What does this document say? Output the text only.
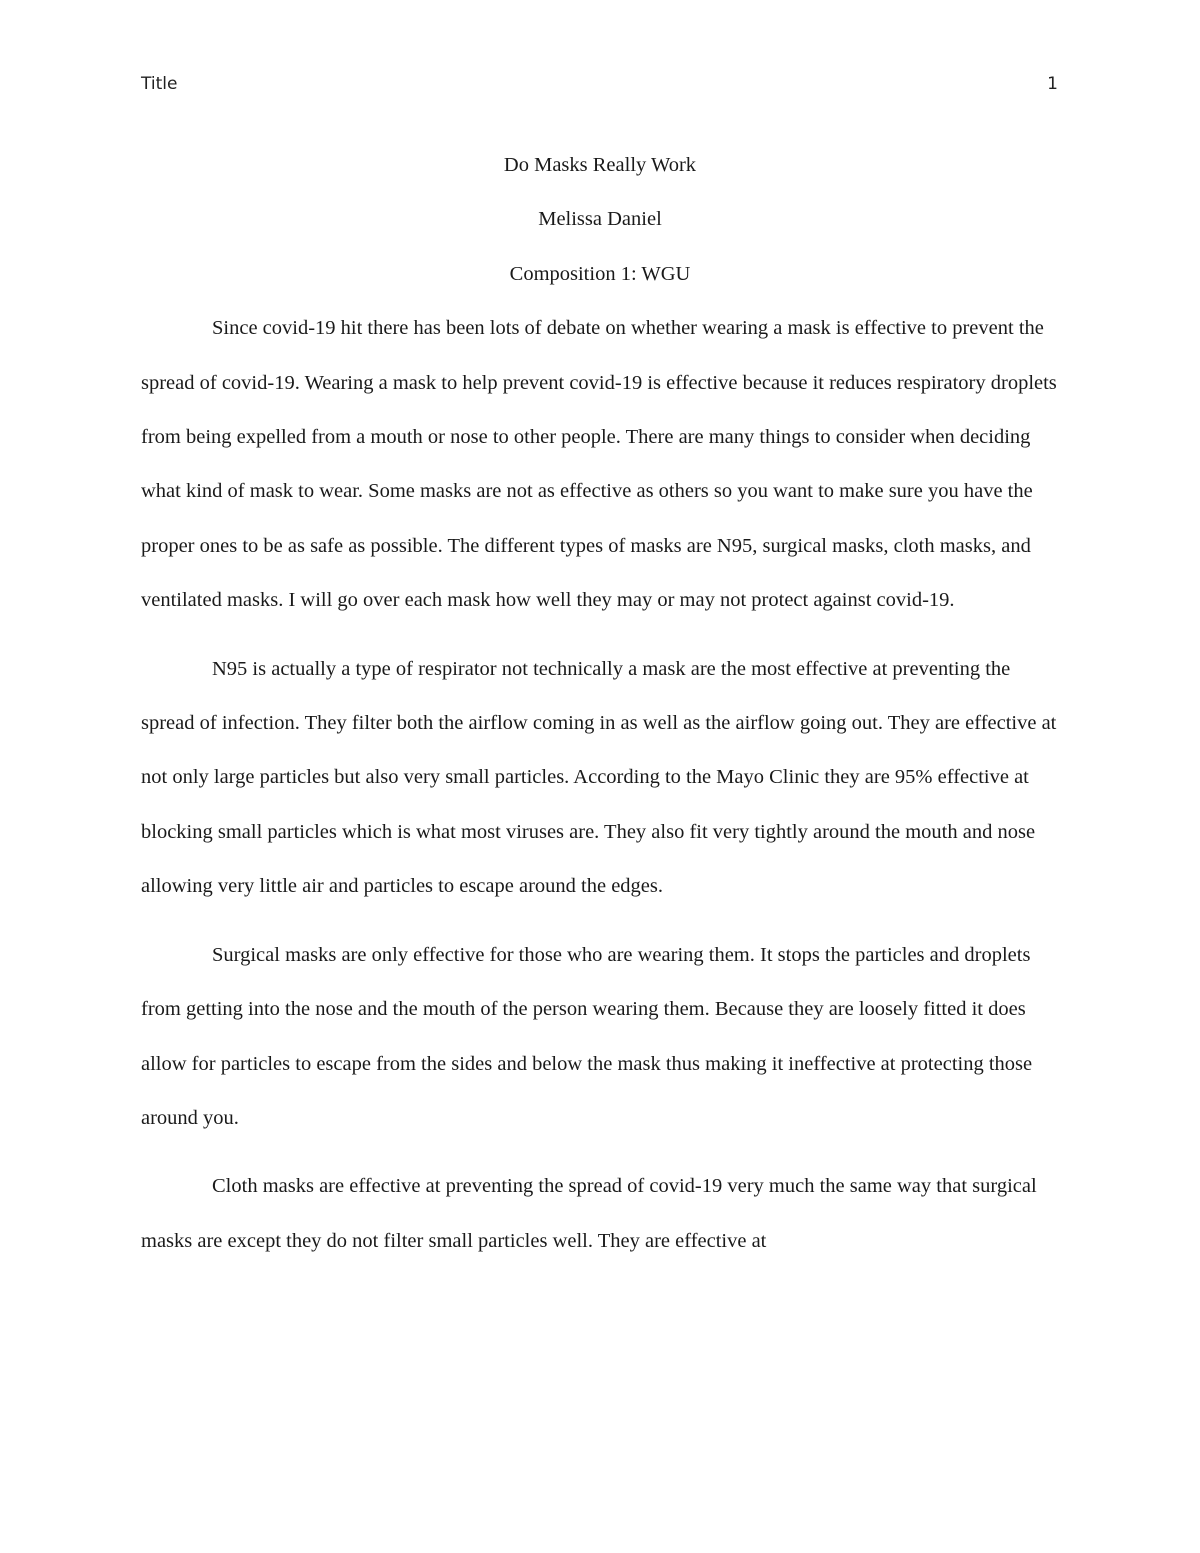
Title	1

Do Masks Really Work

Melissa Daniel

Composition 1: WGU

Since covid-19 hit there has been lots of debate on whether wearing a mask is effective to prevent the spread of covid-19. Wearing a mask to help prevent covid-19 is effective because it reduces respiratory droplets from being expelled from a mouth or nose to other people. There are many things to consider when deciding what kind of mask to wear. Some masks are not as effective as others so you want to make sure you have the proper ones to be as safe as possible. The different types of masks are N95, surgical masks, cloth masks, and ventilated masks. I will go over each mask how well they may or may not protect against covid-19.

N95 is actually a type of respirator not technically a mask are the most effective at preventing the spread of infection. They filter both the airflow coming in as well as the airflow going out. They are effective at not only large particles but also very small particles. According to the Mayo Clinic they are 95% effective at blocking small particles which is what most viruses are. They also fit very tightly around the mouth and nose allowing very little air and particles to escape around the edges.

Surgical masks are only effective for those who are wearing them. It stops the particles and droplets from getting into the nose and the mouth of the person wearing them. Because they are loosely fitted it does allow for particles to escape from the sides and below the mask thus making it ineffective at protecting those around you.

Cloth masks are effective at preventing the spread of covid-19 very much the same way that surgical masks are except they do not filter small particles well. They are effective at
